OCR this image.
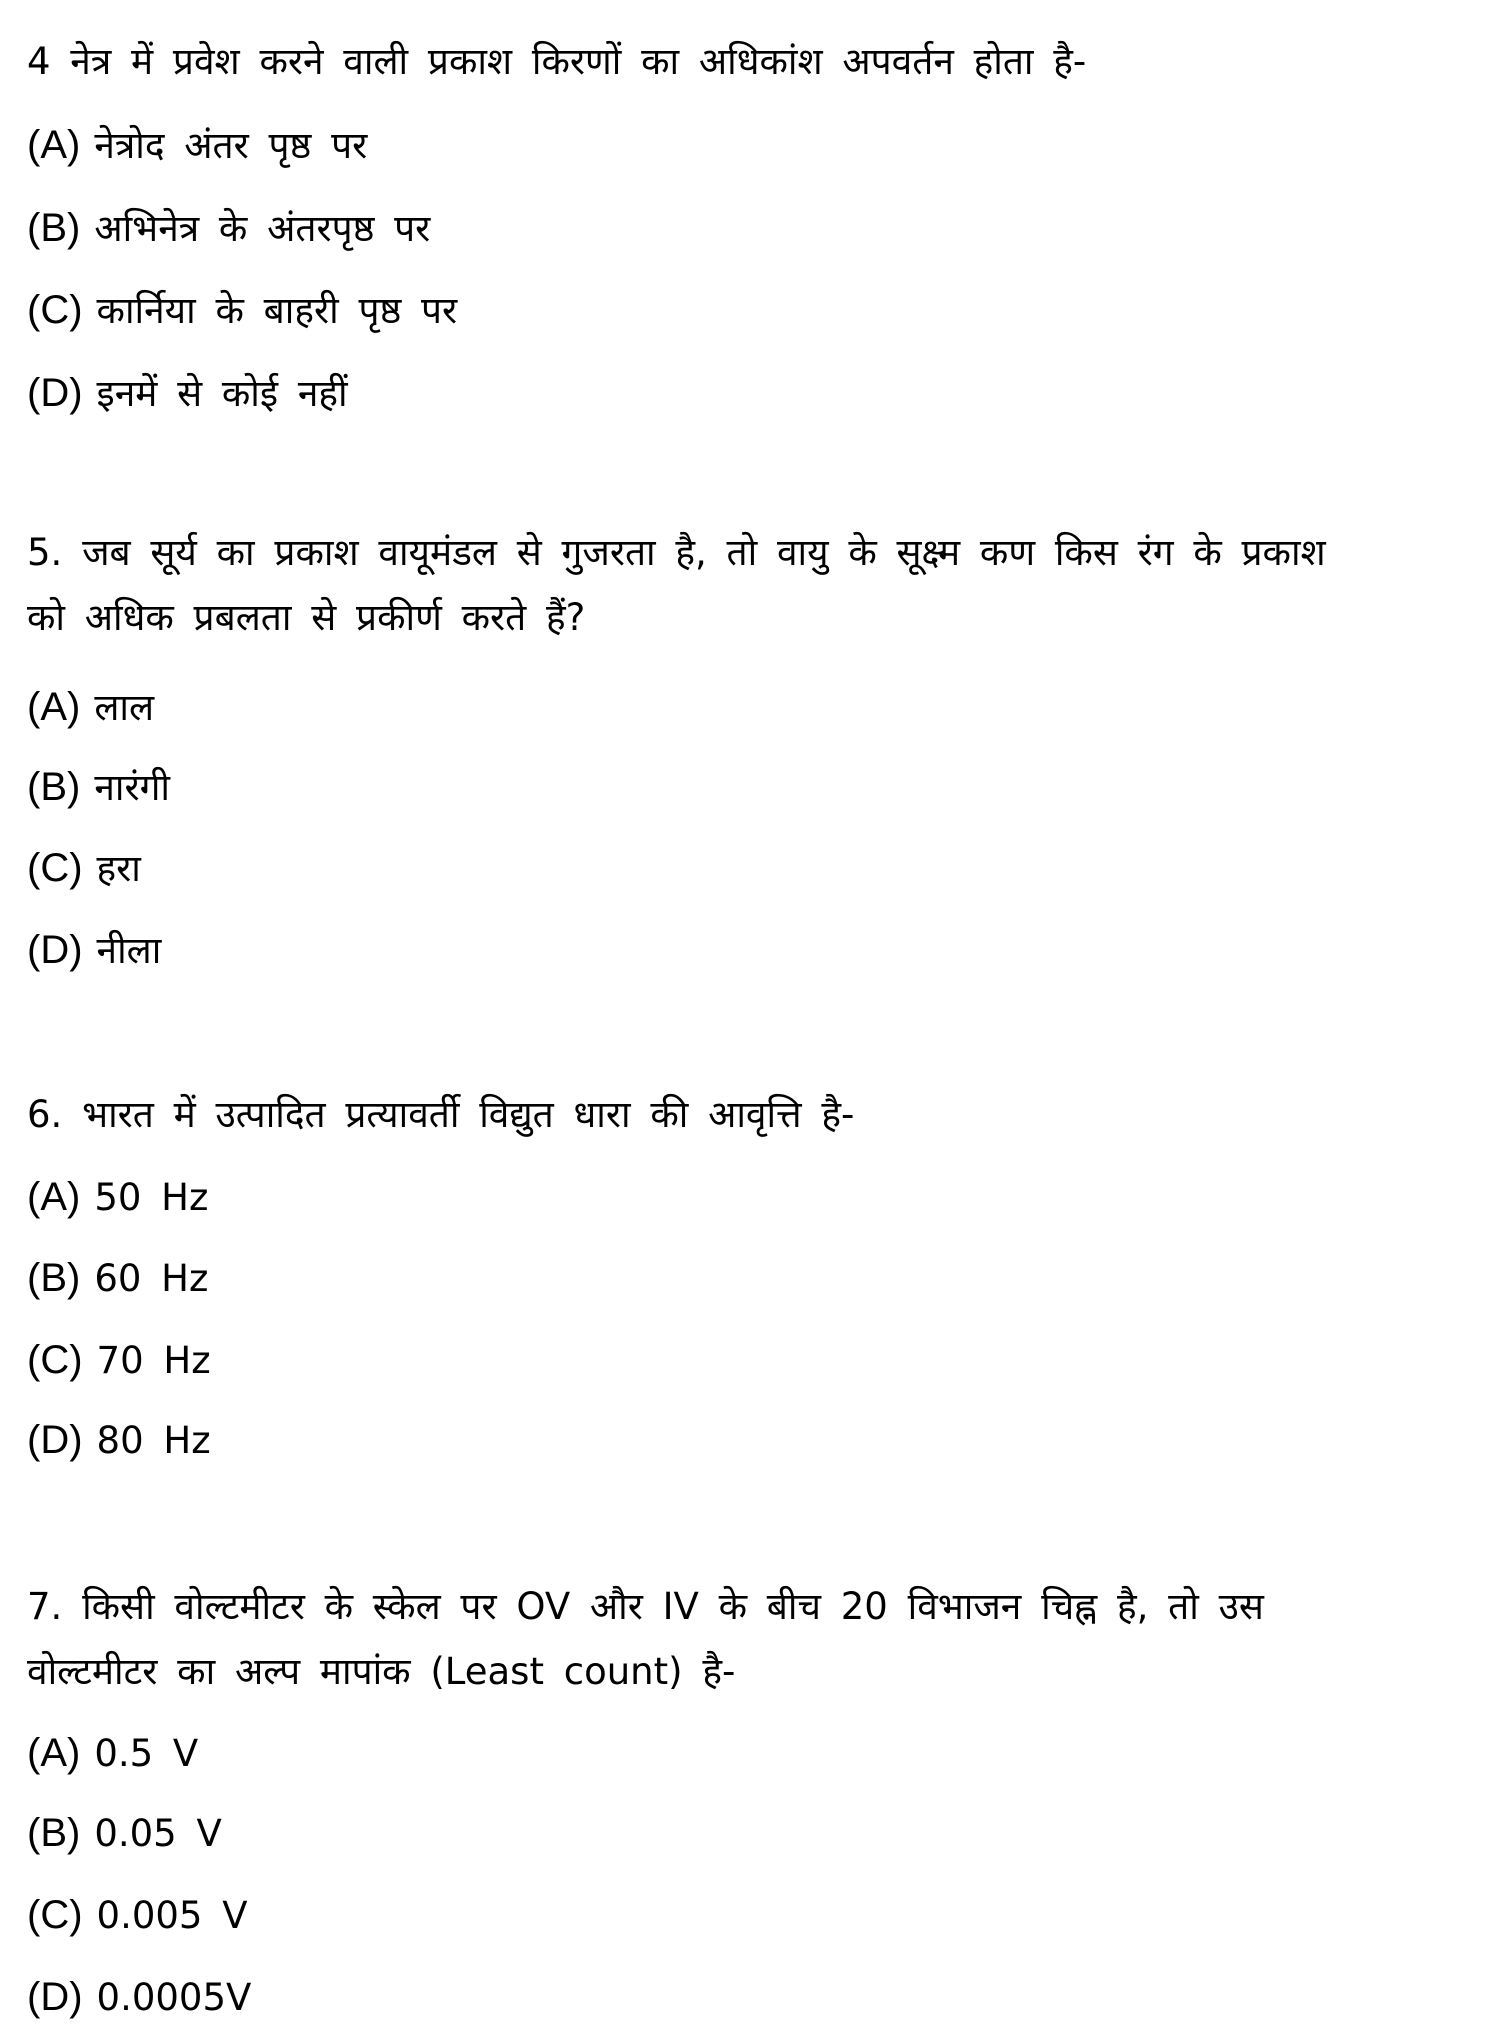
4 नेत्र में प्रवेश करने वाली प्रकाश किरणों का अधिकांश अपवर्तन होता है-
(A) नेत्रोद अंतर पृष्ठ पर
(B) अभिनेत्र के अंतरपृष्ठ पर
(C) कार्निया के बाहरी पृष्ठ पर
(D) इनमें से कोई नहीं
5. जब सूर्य का प्रकाश वायूमंडल से गुजरता है, तो वायु के सूक्ष्म कण किस रंग के प्रकाश
को अधिक प्रबलता से प्रकीर्ण करते हैं?
(A) लाल
(B) नारंगी
(C) हरा
(D) नीला
6. भारत में उत्पादित प्रत्यावर्ती विद्युत धारा की आवृत्ति है-
(A) 50 Hz
(B) 60 Hz
(C) 70 Hz
(D) 80 Hz
7. किसी वोल्टमीटर के स्केल पर OV और IV के बीच 20 विभाजन चिह्न है, तो उस
वोल्टमीटर का अल्प मापांक (Least count) है-
(A) 0.5 V
(B) 0.05 V
(C) 0.005 V
(D) 0.0005V
